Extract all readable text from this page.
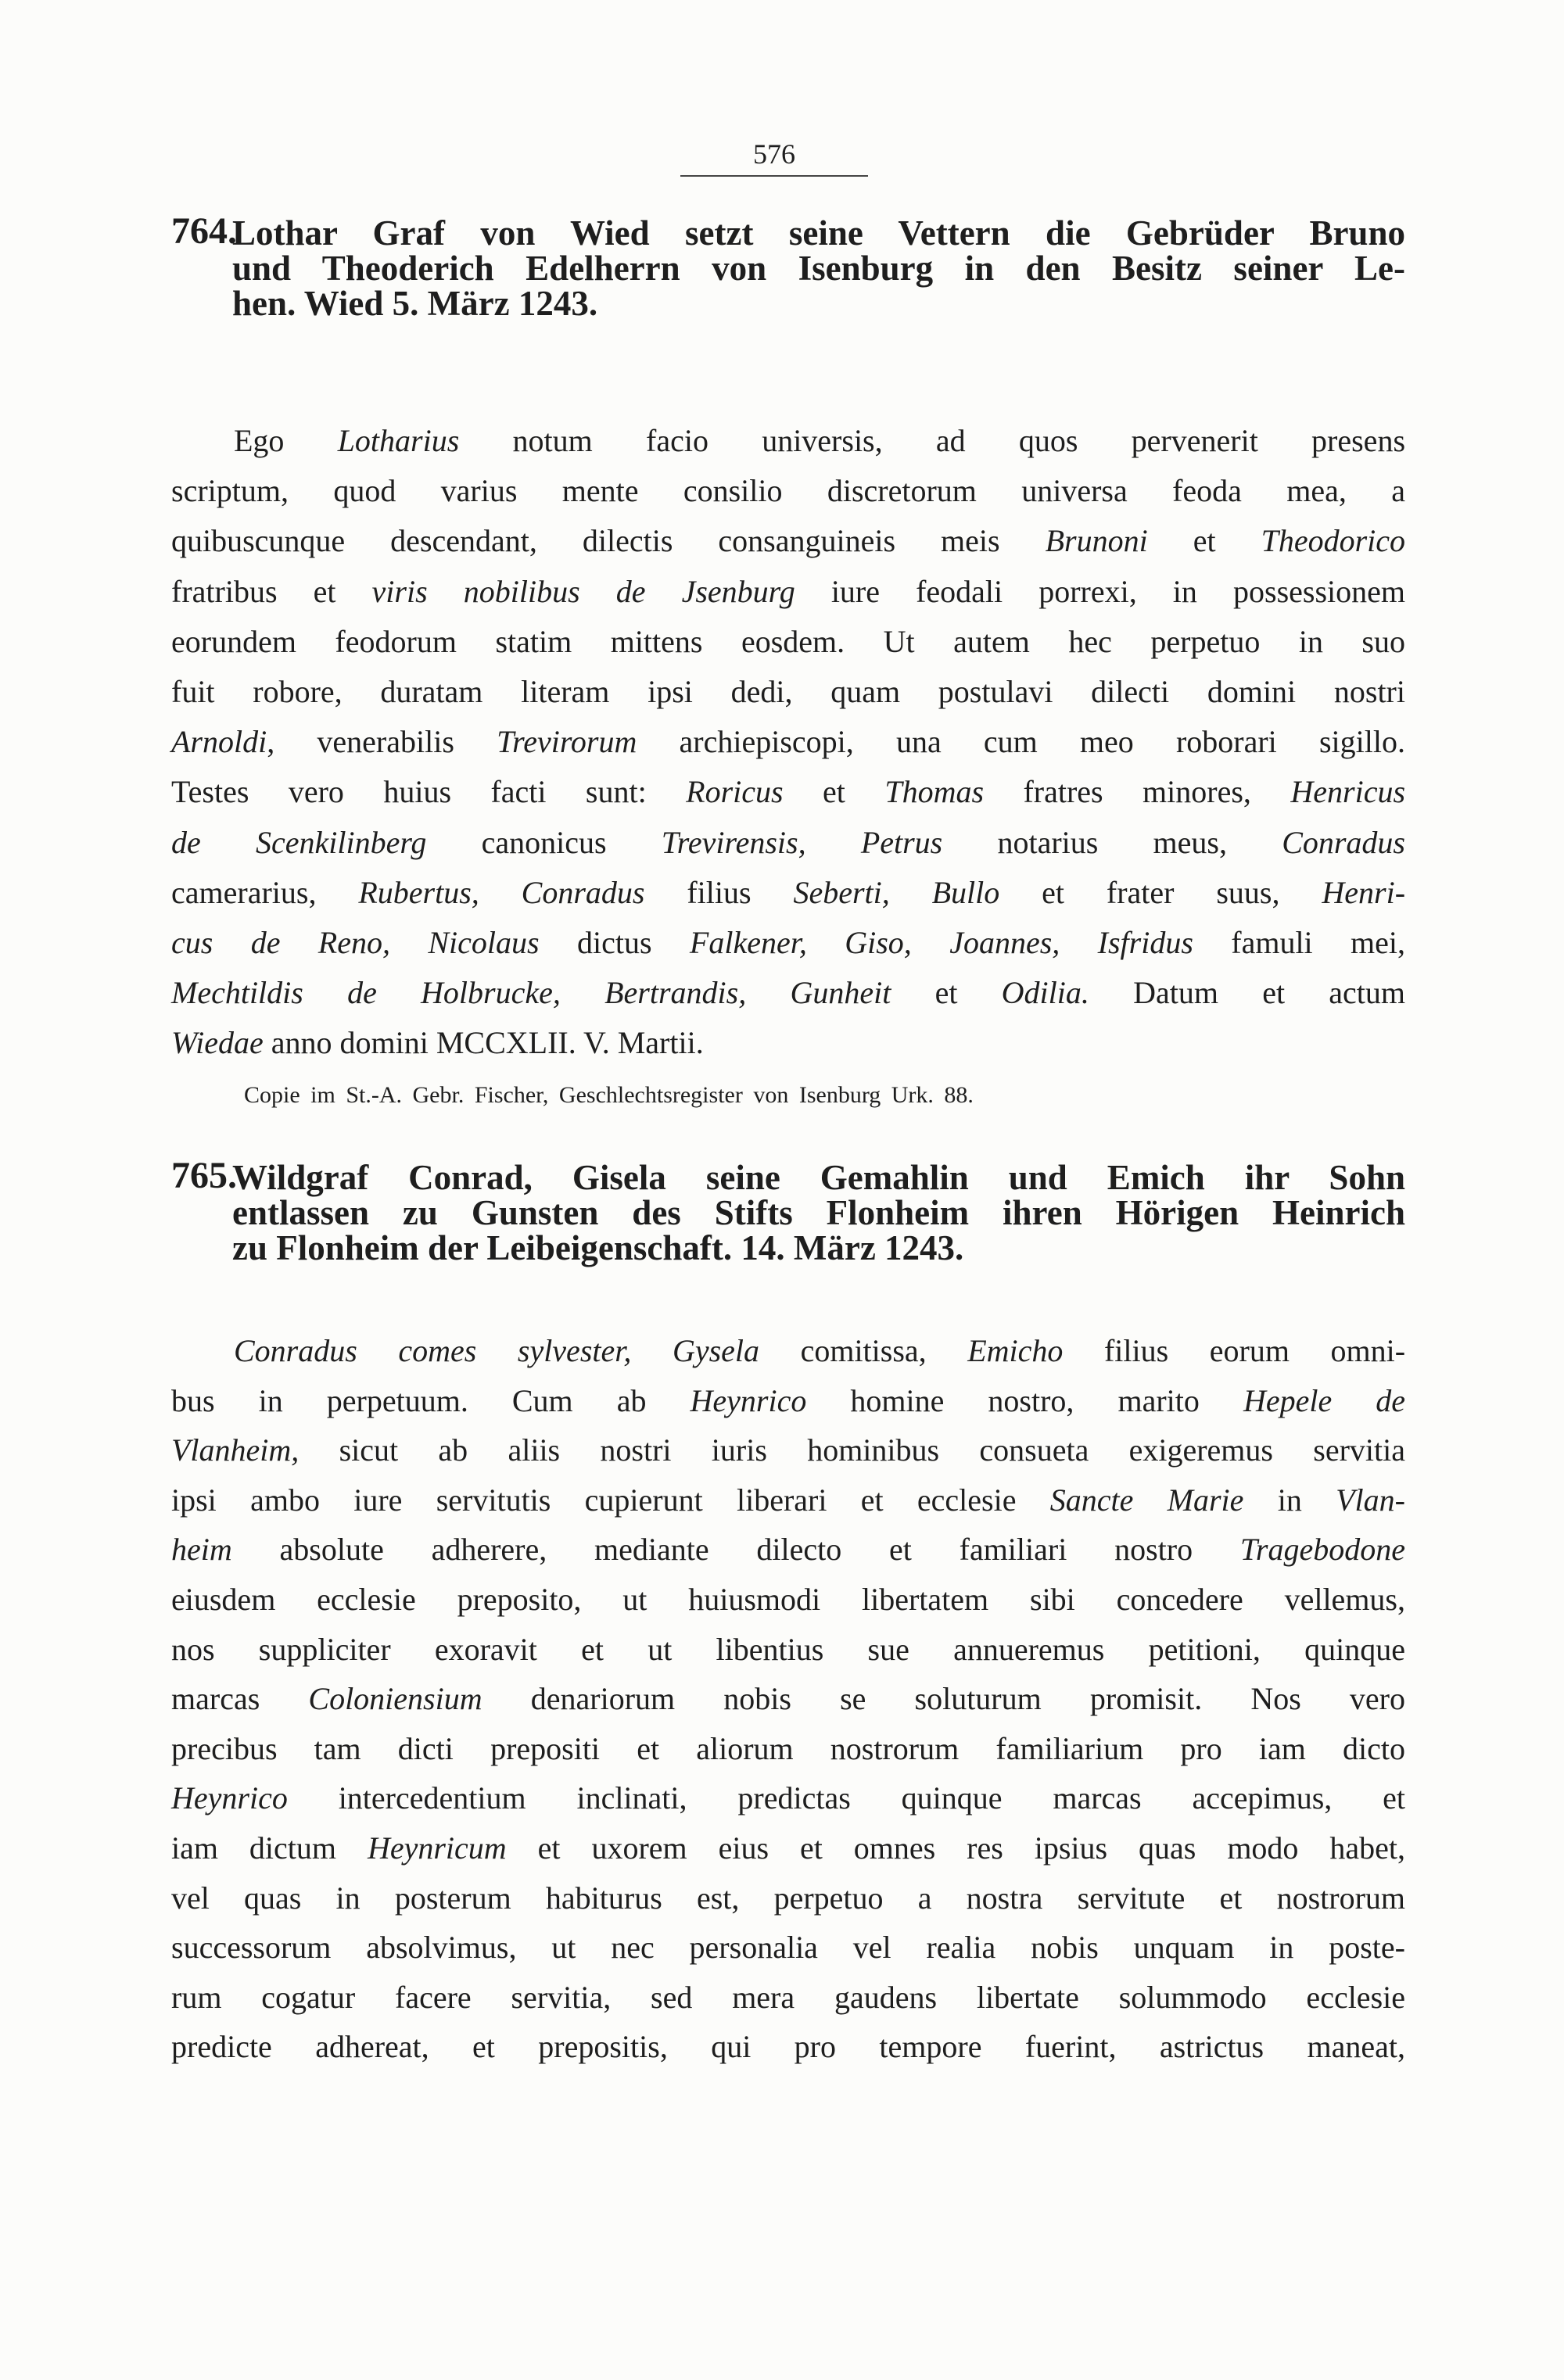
576
764.
Lothar Graf von Wied setzt seine Vettern die Gebrüder Bruno
und Theoderich Edelherrn von Isenburg in den Besitz seiner Le-
hen. Wied 5. März 1243.
Ego Lotharius notum facio universis, ad quos pervenerit presens
scriptum, quod varius mente consilio discretorum universa feoda mea, a
quibuscunque descendant, dilectis consanguineis meis Brunoni et Theodorico
fratribus et viris nobilibus de Jsenburg iure feodali porrexi, in possessionem
eorundem feodorum statim mittens eosdem. Ut autem hec perpetuo in suo
fuit robore, duratam literam ipsi dedi, quam postulavi dilecti domini nostri
Arnoldi, venerabilis Trevirorum archiepiscopi, una cum meo roborari sigillo.
Testes vero huius facti sunt: Roricus et Thomas fratres minores, Henricus
de Scenkilinberg canonicus Trevirensis, Petrus notarius meus, Conradus
camerarius, Rubertus, Conradus filius Seberti, Bullo et frater suus, Henri-
cus de Reno, Nicolaus dictus Falkener, Giso, Joannes, Isfridus famuli mei,
Mechtildis de Holbrucke, Bertrandis, Gunheit et Odilia. Datum et actum
Wiedae anno domini MCCXLII. V. Martii.
Copie im St.-A. Gebr. Fischer, Geschlechtsregister von Isenburg Urk. 88.
765.
Wildgraf Conrad, Gisela seine Gemahlin und Emich ihr Sohn
entlassen zu Gunsten des Stifts Flonheim ihren Hörigen Heinrich
zu Flonheim der Leibeigenschaft. 14. März 1243.
Conradus comes sylvester, Gysela comitissa, Emicho filius eorum omni-
bus in perpetuum. Cum ab Heynrico homine nostro, marito Hepele de
Vlanheim, sicut ab aliis nostri iuris hominibus consueta exigeremus servitia
ipsi ambo iure servitutis cupierunt liberari et ecclesie Sancte Marie in Vlan-
heim absolute adherere, mediante dilecto et familiari nostro Tragebodone
eiusdem ecclesie preposito, ut huiusmodi libertatem sibi concedere vellemus,
nos suppliciter exoravit et ut libentius sue annueremus petitioni, quinque
marcas Coloniensium denariorum nobis se soluturum promisit. Nos vero
precibus tam dicti prepositi et aliorum nostrorum familiarium pro iam dicto
Heynrico intercedentium inclinati, predictas quinque marcas accepimus, et
iam dictum Heynricum et uxorem eius et omnes res ipsius quas modo habet,
vel quas in posterum habiturus est, perpetuo a nostra servitute et nostrorum
successorum absolvimus, ut nec personalia vel realia nobis unquam in poste-
rum cogatur facere servitia, sed mera gaudens libertate solummodo ecclesie
predicte adhereat, et prepositis, qui pro tempore fuerint, astrictus maneat,
